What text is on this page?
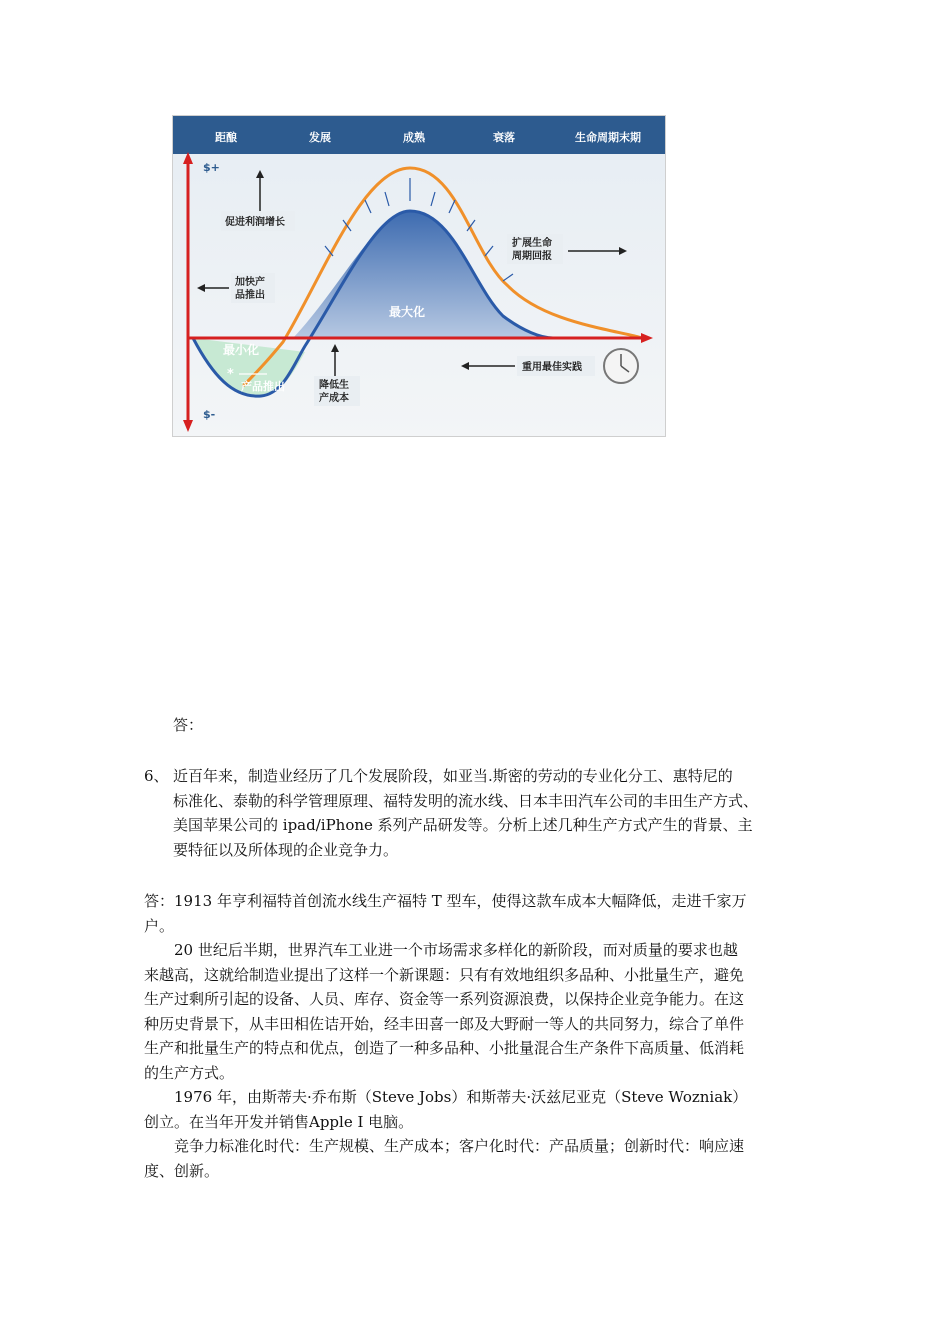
距酿	发展	成熟	衰落	生命周期末期
$+
$-
促进利润增长
加快产
品推出
扩展生命
周期回报
最大化
最小化
*
产品推出	降低生
产成本
重用最佳实践
答：
6、 近百年来，制造业经历了几个发展阶段，如亚当.斯密的劳动的专业化分工、惠特尼的
标准化、泰勒的科学管理原理、福特发明的流水线、日本丰田汽车公司的丰田生产方式、
美国苹果公司的 ipad/iPhone 系列产品研发等。分析上述几种生产方式产生的背景、主
要特征以及所体现的企业竞争力。
答：1913 年亨利福特首创流水线生产福特 T 型车，使得这款车成本大幅降低，走进千家万
户。
　　20 世纪后半期，世界汽车工业进一个市场需求多样化的新阶段，而对质量的要求也越
来越高，这就给制造业提出了这样一个新课题：只有有效地组织多品种、小批量生产，避免
生产过剩所引起的设备、人员、库存、资金等一系列资源浪费，以保持企业竞争能力。在这
种历史背景下，从丰田相佐诘开始，经丰田喜一郎及大野耐一等人的共同努力，综合了单件
生产和批量生产的特点和优点，创造了一种多品种、小批量混合生产条件下高质量、低消耗
的生产方式。
　　1976 年，由斯蒂夫·乔布斯（Steve Jobs）和斯蒂夫·沃兹尼亚克（Steve Wozniak）
创立。在当年开发并销售Apple I 电脑。
　　竞争力标准化时代：生产规模、生产成本；客户化时代：产品质量；创新时代：响应速
度、创新。
